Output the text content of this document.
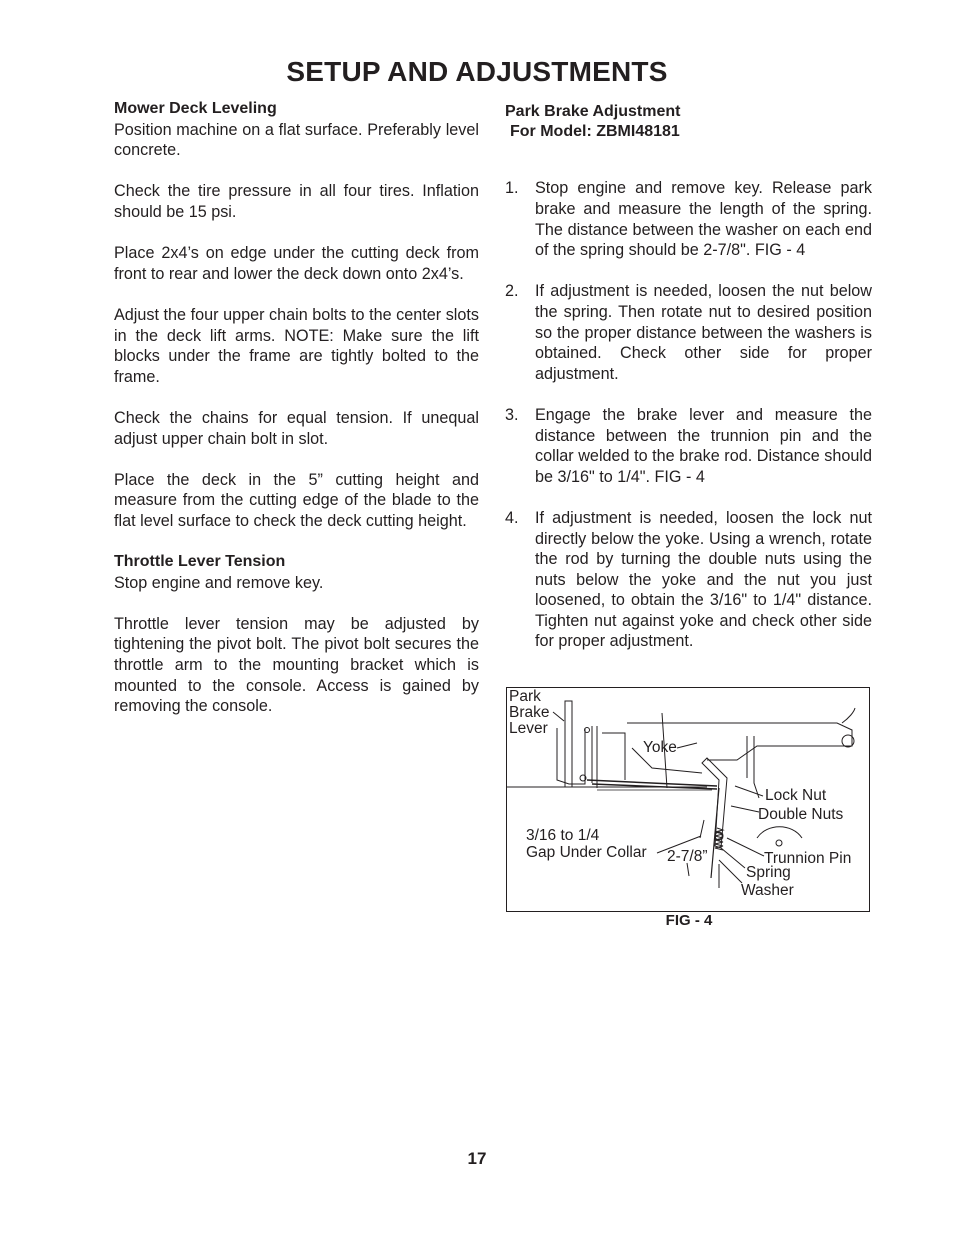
SETUP AND ADJUSTMENTS
Mower Deck Leveling

Position machine on a flat surface. Preferably level concrete.

Check the tire pressure in all four tires. Inflation should be 15 psi.

Place 2x4’s on edge under the cutting deck from front to rear and lower the deck down onto 2x4’s.

Adjust the four upper chain bolts to the center slots in the deck lift arms. NOTE: Make sure the lift blocks under the frame are tightly bolted to the frame.

Check the chains for equal tension. If unequal adjust upper chain bolt in slot.

Place the deck in the 5” cutting height and measure from the cutting edge of the blade to the flat level surface to check the deck cutting height.

Throttle Lever Tension

Stop engine and remove key.

Throttle lever tension may be adjusted by tightening the pivot bolt. The pivot bolt secures the throttle arm to the mounting bracket which is mounted to the console. Access is gained by removing the console.

Park Brake Adjustment
For Model: ZBMI48181
1. Stop engine and remove key. Release park brake and measure the length of the spring. The distance between the washer on each end of the spring should be 2-7/8". FIG - 4
2. If adjustment is needed, loosen the nut below the spring. Then rotate nut to desired position so the proper distance between the washers is obtained. Check other side for proper adjustment.
3. Engage the brake lever and measure the distance between the trunnion pin and the collar welded to the brake rod. Distance should be 3/16" to 1/4". FIG - 4
4. If adjustment is needed, loosen the lock nut directly below the yoke. Using a wrench, rotate the rod by turning the double nuts using the nuts below the yoke and the nut you just loosened, to obtain the 3/16" to 1/4" distance. Tighten nut against yoke and check other side for proper adjustment.
Park
Brake
Lever
Yoke
Lock Nut
Double Nuts
3/16 to 1/4
Gap Under Collar 2-7/8”	Trunnion Pin
Spring
Washer
FIG - 4
17
